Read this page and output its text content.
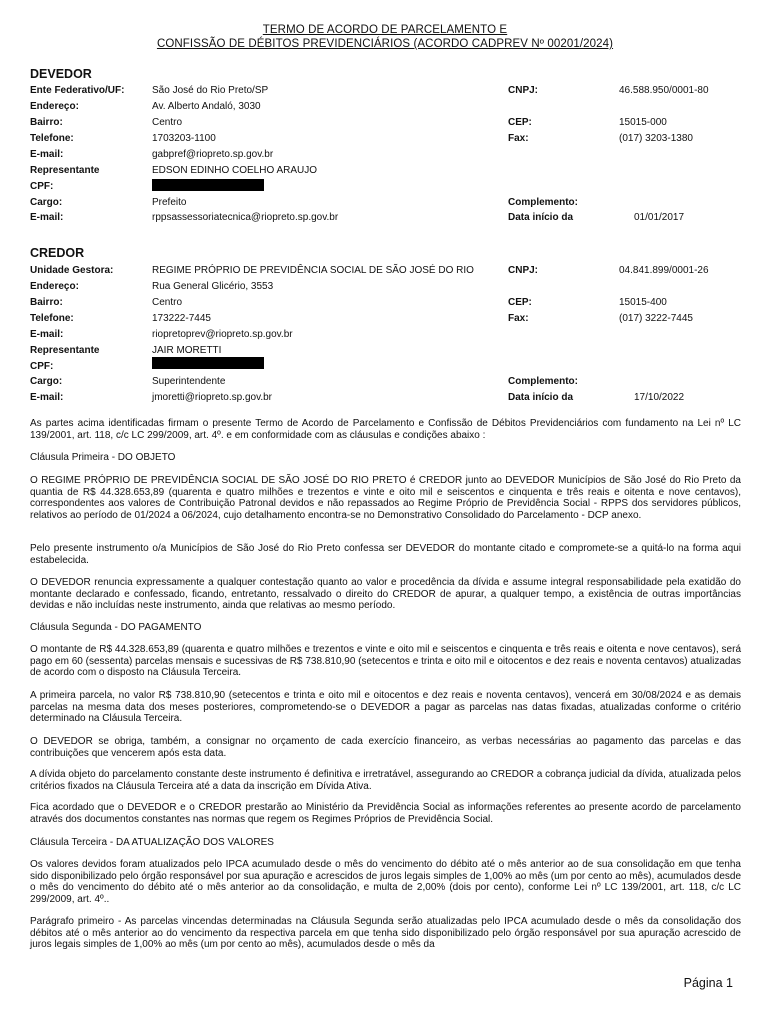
TERMO DE ACORDO DE PARCELAMENTO E
CONFISSÃO DE DÉBITOS PREVIDENCIÁRIOS (ACORDO CADPREV Nº 00201/2024)
DEVEDOR
Ente Federativo/UF:	São José do Rio Preto/SP	CNPJ:	46.588.950/0001-80
Endereço:	Av. Alberto Andaló, 3030
Bairro:	Centro	CEP:	15015-000
Telefone:	1703203-1100	Fax:	(017) 3203-1380
E-mail:	gabpref@riopreto.sp.gov.br
Representante	EDSON EDINHO COELHO ARAUJO
CPF:
Cargo:	Prefeito	Complemento:
E-mail:	rppsassessoriatecnica@riopreto.sp.gov.br	Data início da	01/01/2017
CREDOR
Unidade Gestora:	REGIME PRÓPRIO DE PREVIDÊNCIA SOCIAL DE SÃO JOSÉ DO RIO	CNPJ:	04.841.899/0001-26
Endereço:	Rua General Glicério, 3553
Bairro:	Centro	CEP:	15015-400
Telefone:	173222-7445	Fax:	(017) 3222-7445
E-mail:	riopretoprev@riopreto.sp.gov.br
Representante	JAIR MORETTI
CPF:
Cargo:	Superintendente	Complemento:
E-mail:	jmoretti@riopreto.sp.gov.br	Data início da	17/10/2022

As partes acima identificadas firmam o presente Termo de Acordo de Parcelamento e Confissão de Débitos Previdenciários com fundamento na Lei nº LC 139/2001, art. 118, c/c LC 299/2009, art. 4º. e em conformidade com as cláusulas e condições abaixo :

Cláusula Primeira - DO OBJETO

O REGIME PRÓPRIO DE PREVIDÊNCIA SOCIAL DE SÃO JOSÉ DO RIO PRETO é CREDOR junto ao DEVEDOR Municípios de São José do Rio Preto da quantia de R$ 44.328.653,89 (quarenta e quatro milhões e trezentos e vinte e oito mil e seiscentos e cinquenta e três reais e oitenta e nove centavos), correspondentes aos valores de Contribuição Patronal devidos e não repassados ao Regime Próprio de Previdência Social - RPPS dos servidores públicos, relativos ao período de 01/2024 a 06/2024, cujo detalhamento encontra-se no Demonstrativo Consolidado do Parcelamento - DCP anexo.

Pelo presente instrumento o/a Municípios de São José do Rio Preto confessa ser DEVEDOR do montante citado e compromete-se a quitá-lo na forma aqui estabelecida.

O DEVEDOR renuncia expressamente a qualquer contestação quanto ao valor e procedência da dívida e assume integral responsabilidade pela exatidão do montante declarado e confessado, ficando, entretanto, ressalvado o direito do CREDOR de apurar, a qualquer tempo, a existência de outras importâncias devidas e não incluídas neste instrumento, ainda que relativas ao mesmo período.

Cláusula Segunda - DO PAGAMENTO

O montante de R$ 44.328.653,89 (quarenta e quatro milhões e trezentos e vinte e oito mil e seiscentos e cinquenta e três reais e oitenta e nove centavos), será pago em 60 (sessenta) parcelas mensais e sucessivas de R$ 738.810,90 (setecentos e trinta e oito mil e oitocentos e dez reais e noventa centavos) atualizadas de acordo com o disposto na Cláusula Terceira.

A primeira parcela, no valor R$ 738.810,90 (setecentos e trinta e oito mil e oitocentos e dez reais e noventa centavos), vencerá em 30/08/2024 e as demais parcelas na mesma data dos meses posteriores, comprometendo-se o DEVEDOR a pagar as parcelas nas datas fixadas, atualizadas conforme o critério determinado na Cláusula Terceira.

O DEVEDOR se obriga, também, a consignar no orçamento de cada exercício financeiro, as verbas necessárias ao pagamento das parcelas e das contribuições que vencerem após esta data.

A dívida objeto do parcelamento constante deste instrumento é definitiva e irretratável, assegurando ao CREDOR a cobrança judicial da dívida, atualizada pelos critérios fixados na Cláusula Terceira até a data da inscrição em Dívida Ativa.

Fica acordado que o DEVEDOR e o CREDOR prestarão ao Ministério da Previdência Social as informações referentes ao presente acordo de parcelamento através dos documentos constantes nas normas que regem os Regimes Próprios de Previdência Social.

Cláusula Terceira - DA ATUALIZAÇÃO DOS VALORES

Os valores devidos foram atualizados pelo IPCA acumulado desde o mês do vencimento do débito até o mês anterior ao de sua consolidação em que tenha sido disponibilizado pelo órgão responsável por sua apuração e acrescidos de juros legais simples de 1,00% ao mês (um por cento ao mês), acumulados desde o mês do vencimento do débito até o mês anterior ao da consolidação, e multa de 2,00% (dois por cento), conforme Lei nº LC 139/2001, art. 118, c/c LC 299/2009, art. 4º..

Parágrafo primeiro - As parcelas vincendas determinadas na Cláusula Segunda serão atualizadas pelo IPCA acumulado desde o mês da consolidação dos débitos até o mês anterior ao do vencimento da respectiva parcela em que tenha sido disponibilizado pelo órgão responsável por sua apuração acrescido de juros legais simples de 1,00% ao mês (um por cento ao mês), acumulados desde o mês da

Página 1
